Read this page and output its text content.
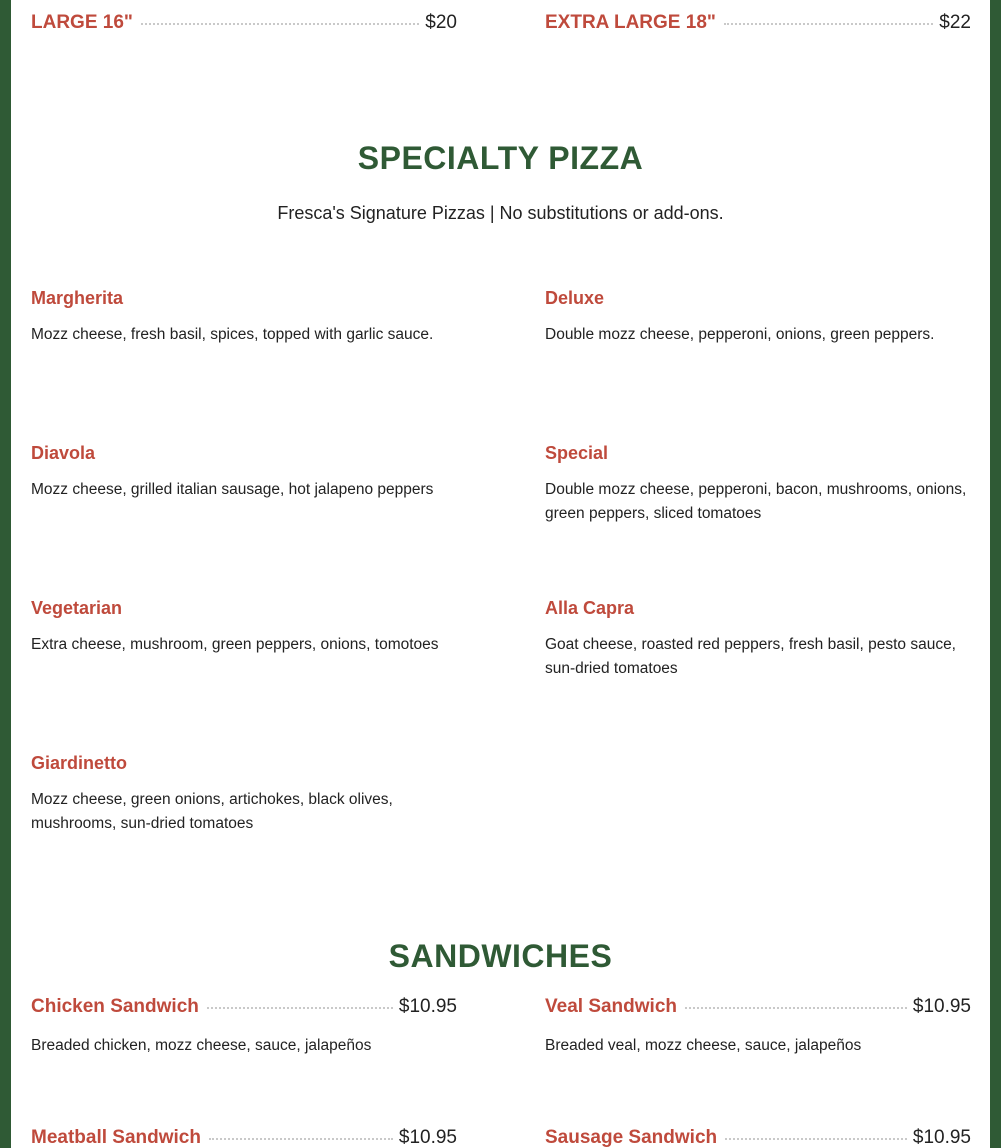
LARGE 16"	$20	EXTRA LARGE 18"	$22
SPECIALTY PIZZA
Fresca's Signature Pizzas | No substitutions or add-ons.
Margherita
Mozz cheese, fresh basil, spices, topped with garlic sauce.
Deluxe
Double mozz cheese, pepperoni, onions, green peppers.
Diavola
Mozz cheese, grilled italian sausage, hot jalapeno peppers
Special
Double mozz cheese, pepperoni, bacon, mushrooms, onions, green peppers, sliced tomatoes
Vegetarian
Extra cheese, mushroom, green peppers, onions, tomotoes
Alla Capra
Goat cheese, roasted red peppers, fresh basil, pesto sauce, sun-dried tomatoes
Giardinetto
Mozz cheese, green onions, artichokes, black olives, mushrooms, sun-dried tomatoes
SANDWICHES
Chicken Sandwich	$10.95
Breaded chicken, mozz cheese, sauce, jalapeños
Veal Sandwich	$10.95
Breaded veal, mozz cheese, sauce, jalapeños
Meatball Sandwich	$10.95	Sausage Sandwich	$10.95
